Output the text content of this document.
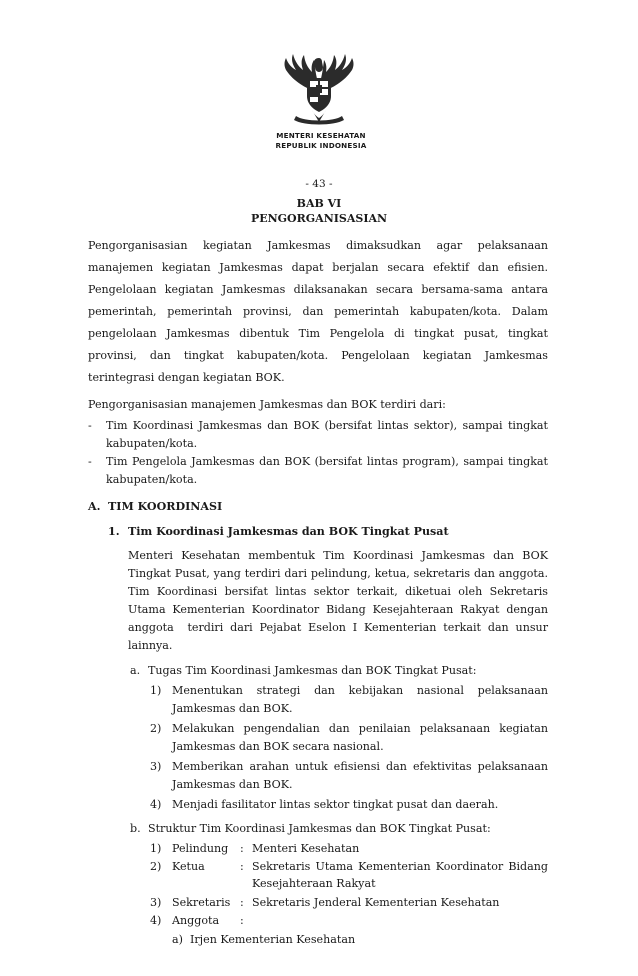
MENTERI KESEHATAN
REPUBLIK INDONESIA
- 43 -
BAB VI
PENGORGANISASIAN
Pengorganisasian kegiatan Jamkesmas dimaksudkan agar pelaksanaan
manajemen kegiatan Jamkesmas dapat berjalan secara efektif dan efisien.
Pengelolaan kegiatan Jamkesmas dilaksanakan secara bersama-sama antara
pemerintah, pemerintah provinsi, dan pemerintah kabupaten/kota. Dalam
pengelolaan Jamkesmas dibentuk Tim Pengelola di tingkat pusat, tingkat
provinsi, dan tingkat kabupaten/kota. Pengelolaan kegiatan Jamkesmas
terintegrasi dengan kegiatan BOK.
Pengorganisasian manajemen Jamkesmas dan BOK terdiri dari:
- Tim Koordinasi Jamkesmas dan BOK (bersifat lintas sektor), sampai tingkat
kabupaten/kota.
- Tim Pengelola Jamkesmas dan BOK (bersifat lintas program), sampai tingkat
kabupaten/kota.
A. TIM KOORDINASI
1. Tim Koordinasi Jamkesmas dan BOK Tingkat Pusat
Menteri Kesehatan membentuk Tim Koordinasi Jamkesmas dan BOK
Tingkat Pusat, yang terdiri dari pelindung, ketua, sekretaris dan anggota.
Tim Koordinasi bersifat lintas sektor terkait, diketuai oleh Sekretaris
Utama Kementerian Koordinator Bidang Kesejahteraan Rakyat dengan
anggota  terdiri dari Pejabat Eselon I Kementerian terkait dan unsur
lainnya.
a. Tugas Tim Koordinasi Jamkesmas dan BOK Tingkat Pusat:
1) Menentukan strategi dan kebijakan nasional pelaksanaan
Jamkesmas dan BOK.
2) Melakukan pengendalian dan penilaian pelaksanaan kegiatan
Jamkesmas dan BOK secara nasional.
3) Memberikan arahan untuk efisiensi dan efektivitas pelaksanaan
Jamkesmas dan BOK.
4) Menjadi fasilitator lintas sektor tingkat pusat dan daerah.
b. Struktur Tim Koordinasi Jamkesmas dan BOK Tingkat Pusat:
1) Pelindung : Menteri Kesehatan
2) Ketua	: Sekretaris Utama Kementerian Koordinator Bidang
Kesejahteraan Rakyat
3) Sekretaris : Sekretaris Jenderal Kementerian Kesehatan
4) Anggota :
a) Irjen Kementerian Kesehatan
